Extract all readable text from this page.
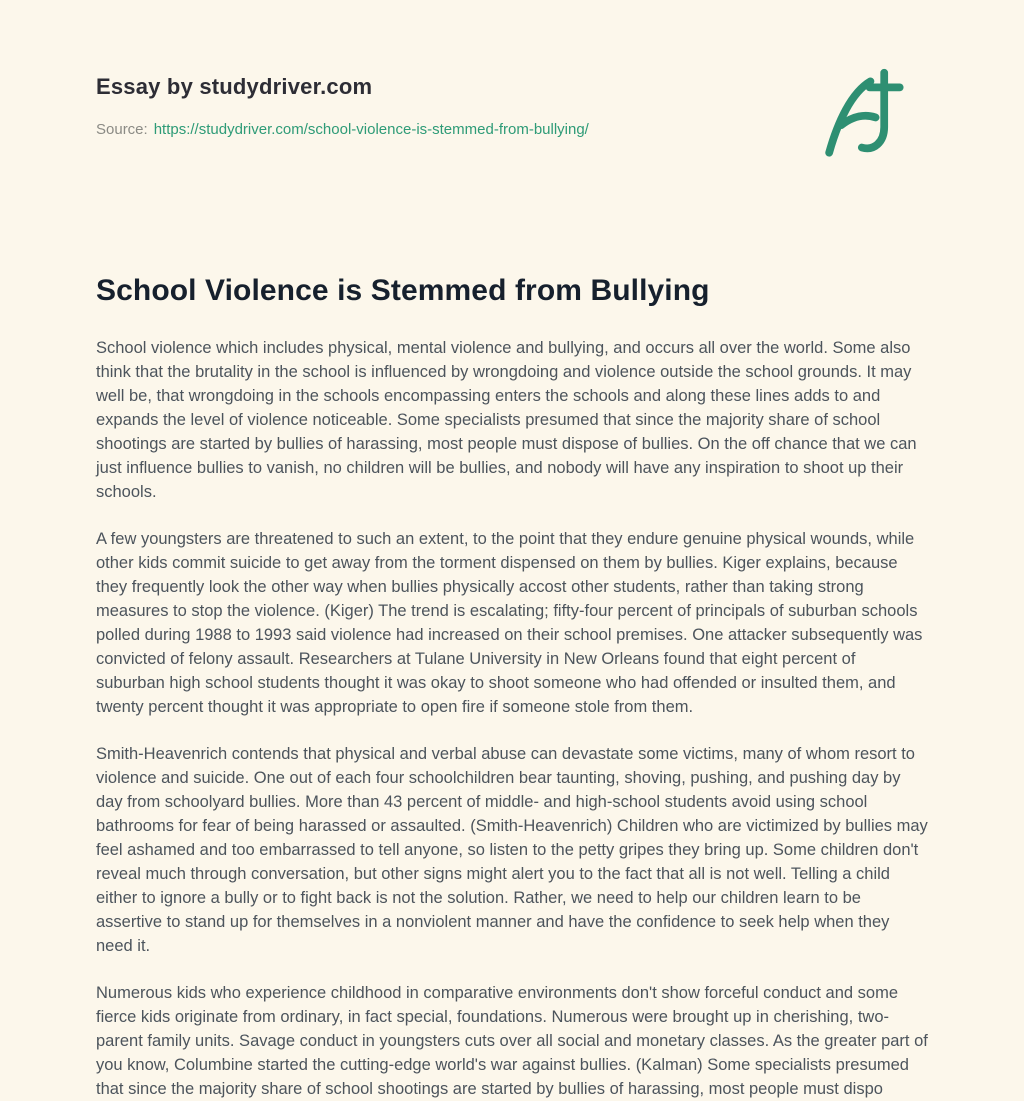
Essay by studydriver.com
Source: https://studydriver.com/school-violence-is-stemmed-from-bullying/
School Violence is Stemmed from Bullying

School violence which includes physical, mental violence and bullying, and occurs all over the world. Some also think that the brutality in the school is influenced by wrongdoing and violence outside the school grounds. It may well be, that wrongdoing in the schools encompassing enters the schools and along these lines adds to and expands the level of violence noticeable. Some specialists presumed that since the majority share of school shootings are started by bullies of harassing, most people must dispose of bullies. On the off chance that we can just influence bullies to vanish, no children will be bullies, and nobody will have any inspiration to shoot up their schools.

A few youngsters are threatened to such an extent, to the point that they endure genuine physical wounds, while other kids commit suicide to get away from the torment dispensed on them by bullies. Kiger explains, because they frequently look the other way when bullies physically accost other students, rather than taking strong measures to stop the violence. (Kiger) The trend is escalating; fifty-four percent of principals of suburban schools polled during 1988 to 1993 said violence had increased on their school premises. One attacker subsequently was convicted of felony assault. Researchers at Tulane University in New Orleans found that eight percent of suburban high school students thought it was okay to shoot someone who had offended or insulted them, and twenty percent thought it was appropriate to open fire if someone stole from them.

Smith-Heavenrich contends that physical and verbal abuse can devastate some victims, many of whom resort to violence and suicide. One out of each four schoolchildren bear taunting, shoving, pushing, and pushing day by day from schoolyard bullies. More than 43 percent of middle- and high-school students avoid using school bathrooms for fear of being harassed or assaulted. (Smith-Heavenrich) Children who are victimized by bullies may feel ashamed and too embarrassed to tell anyone, so listen to the petty gripes they bring up. Some children don't reveal much through conversation, but other signs might alert you to the fact that all is not well. Telling a child either to ignore a bully or to fight back is not the solution. Rather, we need to help our children learn to be assertive to stand up for themselves in a nonviolent manner and have the confidence to seek help when they need it.

Numerous kids who experience childhood in comparative environments don't show forceful conduct and some fierce kids originate from ordinary, in fact special, foundations. Numerous were brought up in cherishing, two-parent family units. Savage conduct in youngsters cuts over all social and monetary classes. As the greater part of you know, Columbine started the cutting-edge world's war against bullies. (Kalman) Some specialists presumed that since the majority share of school shootings are started by bullies of harassing, most people must dispo
